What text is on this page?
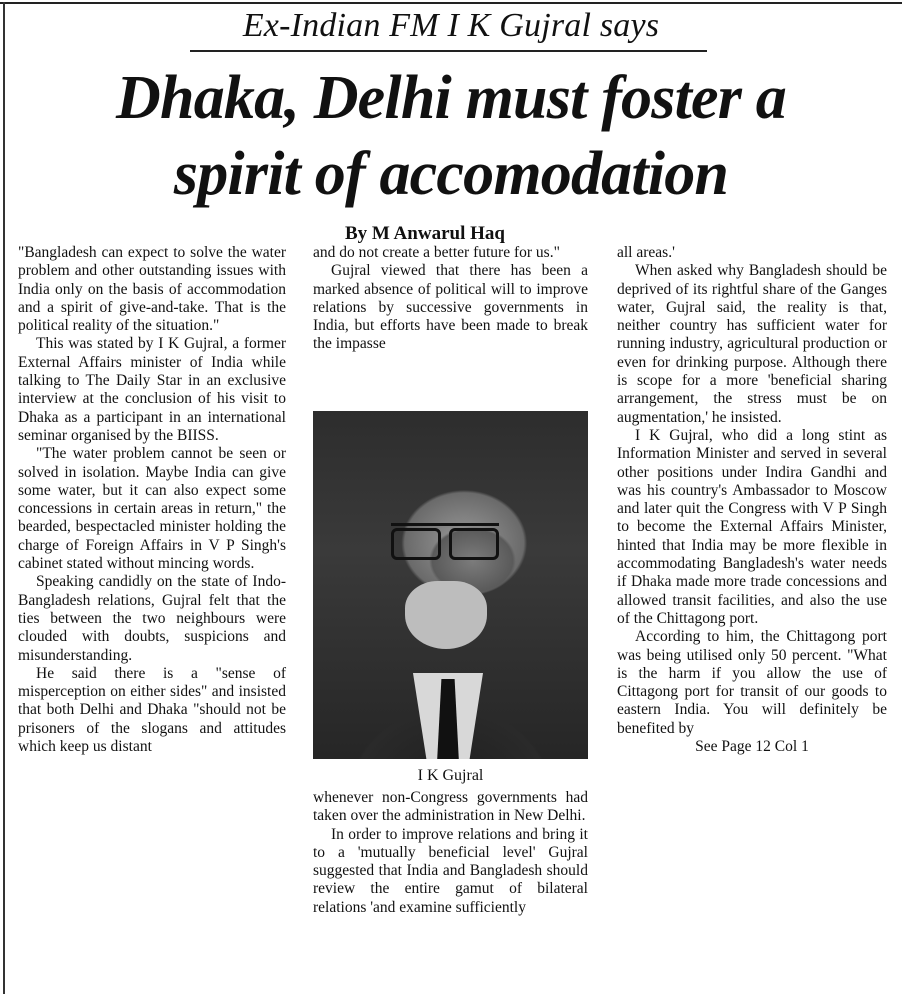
Ex-Indian FM I K Gujral says
Dhaka, Delhi must foster a
spirit of accomodation

By M Anwarul Haq

"Bangladesh can expect to solve the water problem and other outstanding issues with India only on the basis of accommodation and a spirit of give-and-take. That is the political reality of the situation."

This was stated by I K Gujral, a former External Affairs minister of India while talking to The Daily Star in an exclusive interview at the conclusion of his visit to Dhaka as a participant in an international seminar organised by the BIISS.

"The water problem cannot be seen or solved in isolation. Maybe India can give some water, but it can also expect some concessions in certain areas in return," the bearded, bespectacled minister holding the charge of Foreign Affairs in V P Singh's cabinet stated without mincing words.

Speaking candidly on the state of Indo-Bangladesh relations, Gujral felt that the ties between the two neighbours were clouded with doubts, suspicions and misunderstanding.

He said there is a "sense of misperception on either sides" and insisted that both Delhi and Dhaka "should not be prisoners of the slogans and attitudes which keep us distant

and do not create a better future for us."

Gujral viewed that there has been a marked absence of political will to improve relations by successive governments in India, but efforts have been made to break the impasse

I K Gujral

whenever non-Congress governments had taken over the administration in New Delhi.

In order to improve relations and bring it to a 'mutually beneficial level' Gujral suggested that India and Bangladesh should review the entire gamut of bilateral relations 'and examine sufficiently

all areas.'

When asked why Bangladesh should be deprived of its rightful share of the Ganges water, Gujral said, the reality is that, neither country has sufficient water for running industry, agricultural production or even for drinking purpose. Although there is scope for a more 'beneficial sharing arrangement, the stress must be on augmentation,' he insisted.

I K Gujral, who did a long stint as Information Minister and served in several other positions under Indira Gandhi and was his country's Ambassador to Moscow and later quit the Congress with V P Singh to become the External Affairs Minister, hinted that India may be more flexible in accommodating Bangladesh's water needs if Dhaka made more trade concessions and allowed transit facilities, and also the use of the Chittagong port.

According to him, the Chittagong port was being utilised only 50 percent. "What is the harm if you allow the use of Cittagong port for transit of our goods to eastern India. You will definitely be benefited by

See Page 12 Col 1
